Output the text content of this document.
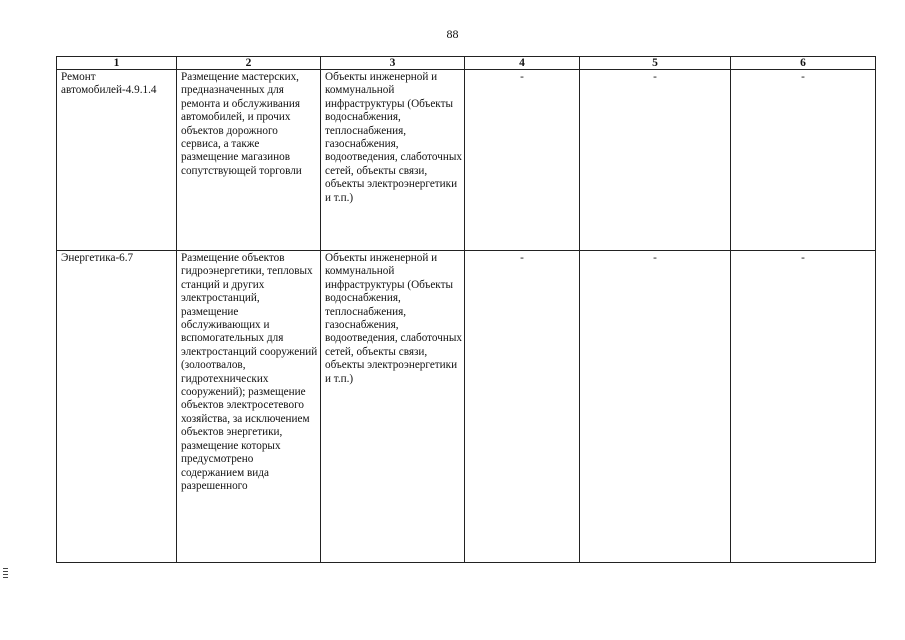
88
1	2	3	4	5	6

Ремонт автомобилей-4.9.1.4	Размещение мастерских, предназначенных для ремонта и обслуживания автомобилей, и прочих объектов дорожного сервиса, а также размещение магазинов сопутствующей торговли	Объекты инженерной и коммунальной инфраструктуры (Объекты водоснабжения, теплоснабжения, газоснабжения, водоотведения, слаботочных сетей, объекты связи, объекты электроэнергетики и т.п.)	-	-	-

Энергетика-6.7	Размещение объектов гидроэнергетики, тепловых станций и других электростанций, размещение обслуживающих и вспомогательных для электростанций сооружений (золоотвалов, гидротехнических сооружений); размещение объектов электросетевого хозяйства, за исключением объектов энергетики, размещение которых предусмотрено содержанием вида разрешенного	Объекты инженерной и коммунальной инфраструктуры (Объекты водоснабжения, теплоснабжения, газоснабжения, водоотведения, слаботочных сетей, объекты связи, объекты электроэнергетики и т.п.)	-	-	-
